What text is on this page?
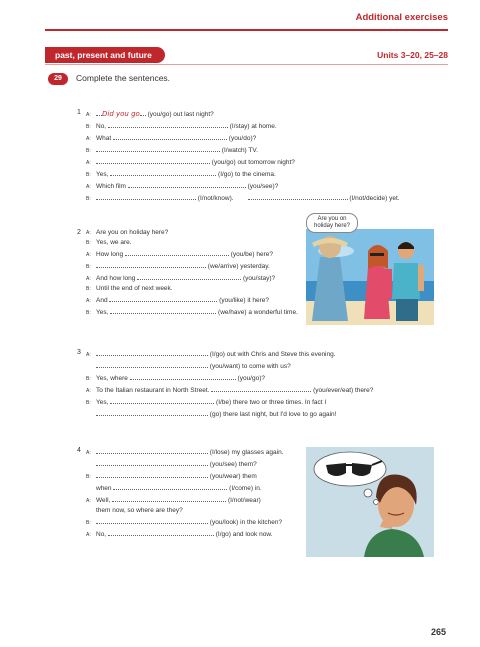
Additional exercises
past, present and future	Units 3–20, 25–28
29	Complete the sentences.
1 A: Did you go (you/go) out last night?
B: No,	(I/stay) at home.
A: What	(you/do)?
B:	(I/watch) TV.
A:	(you/go) out tomorrow night?
B: Yes,	(I/go) to the cinema.
A: Which film	(you/see)?
B:	(I/not/know).	(I/not/decide) yet.
2 A: Are you on holiday here?
B: Yes, we are.
A: How long	(you/be) here?
B:	(we/arrive) yesterday.
A: And how long	(you/stay)?
B: Until the end of next week.
A: And	(you/like) it here?
B: Yes,	(we/have) a wonderful time.
Are you on holiday here?
3 A:	(I/go) out with Chris and Steve this evening.
(you/want) to come with us?
B: Yes, where	(you/go)?
A: To the Italian restaurant in North Street.	(you/ever/eat) there?
B: Yes,	(I/be) there two or three times. In fact I
(go) there last night, but I'd love to go again!
4 A:	(I/lose) my glasses again.
(you/see) them?
B:	(you/wear) them
when	(I/come) in.
A: Well,	(I/not/wear)
them now, so where are they?
B:	(you/look) in the kitchen?
A: No,	(I/go) and look now.
265
